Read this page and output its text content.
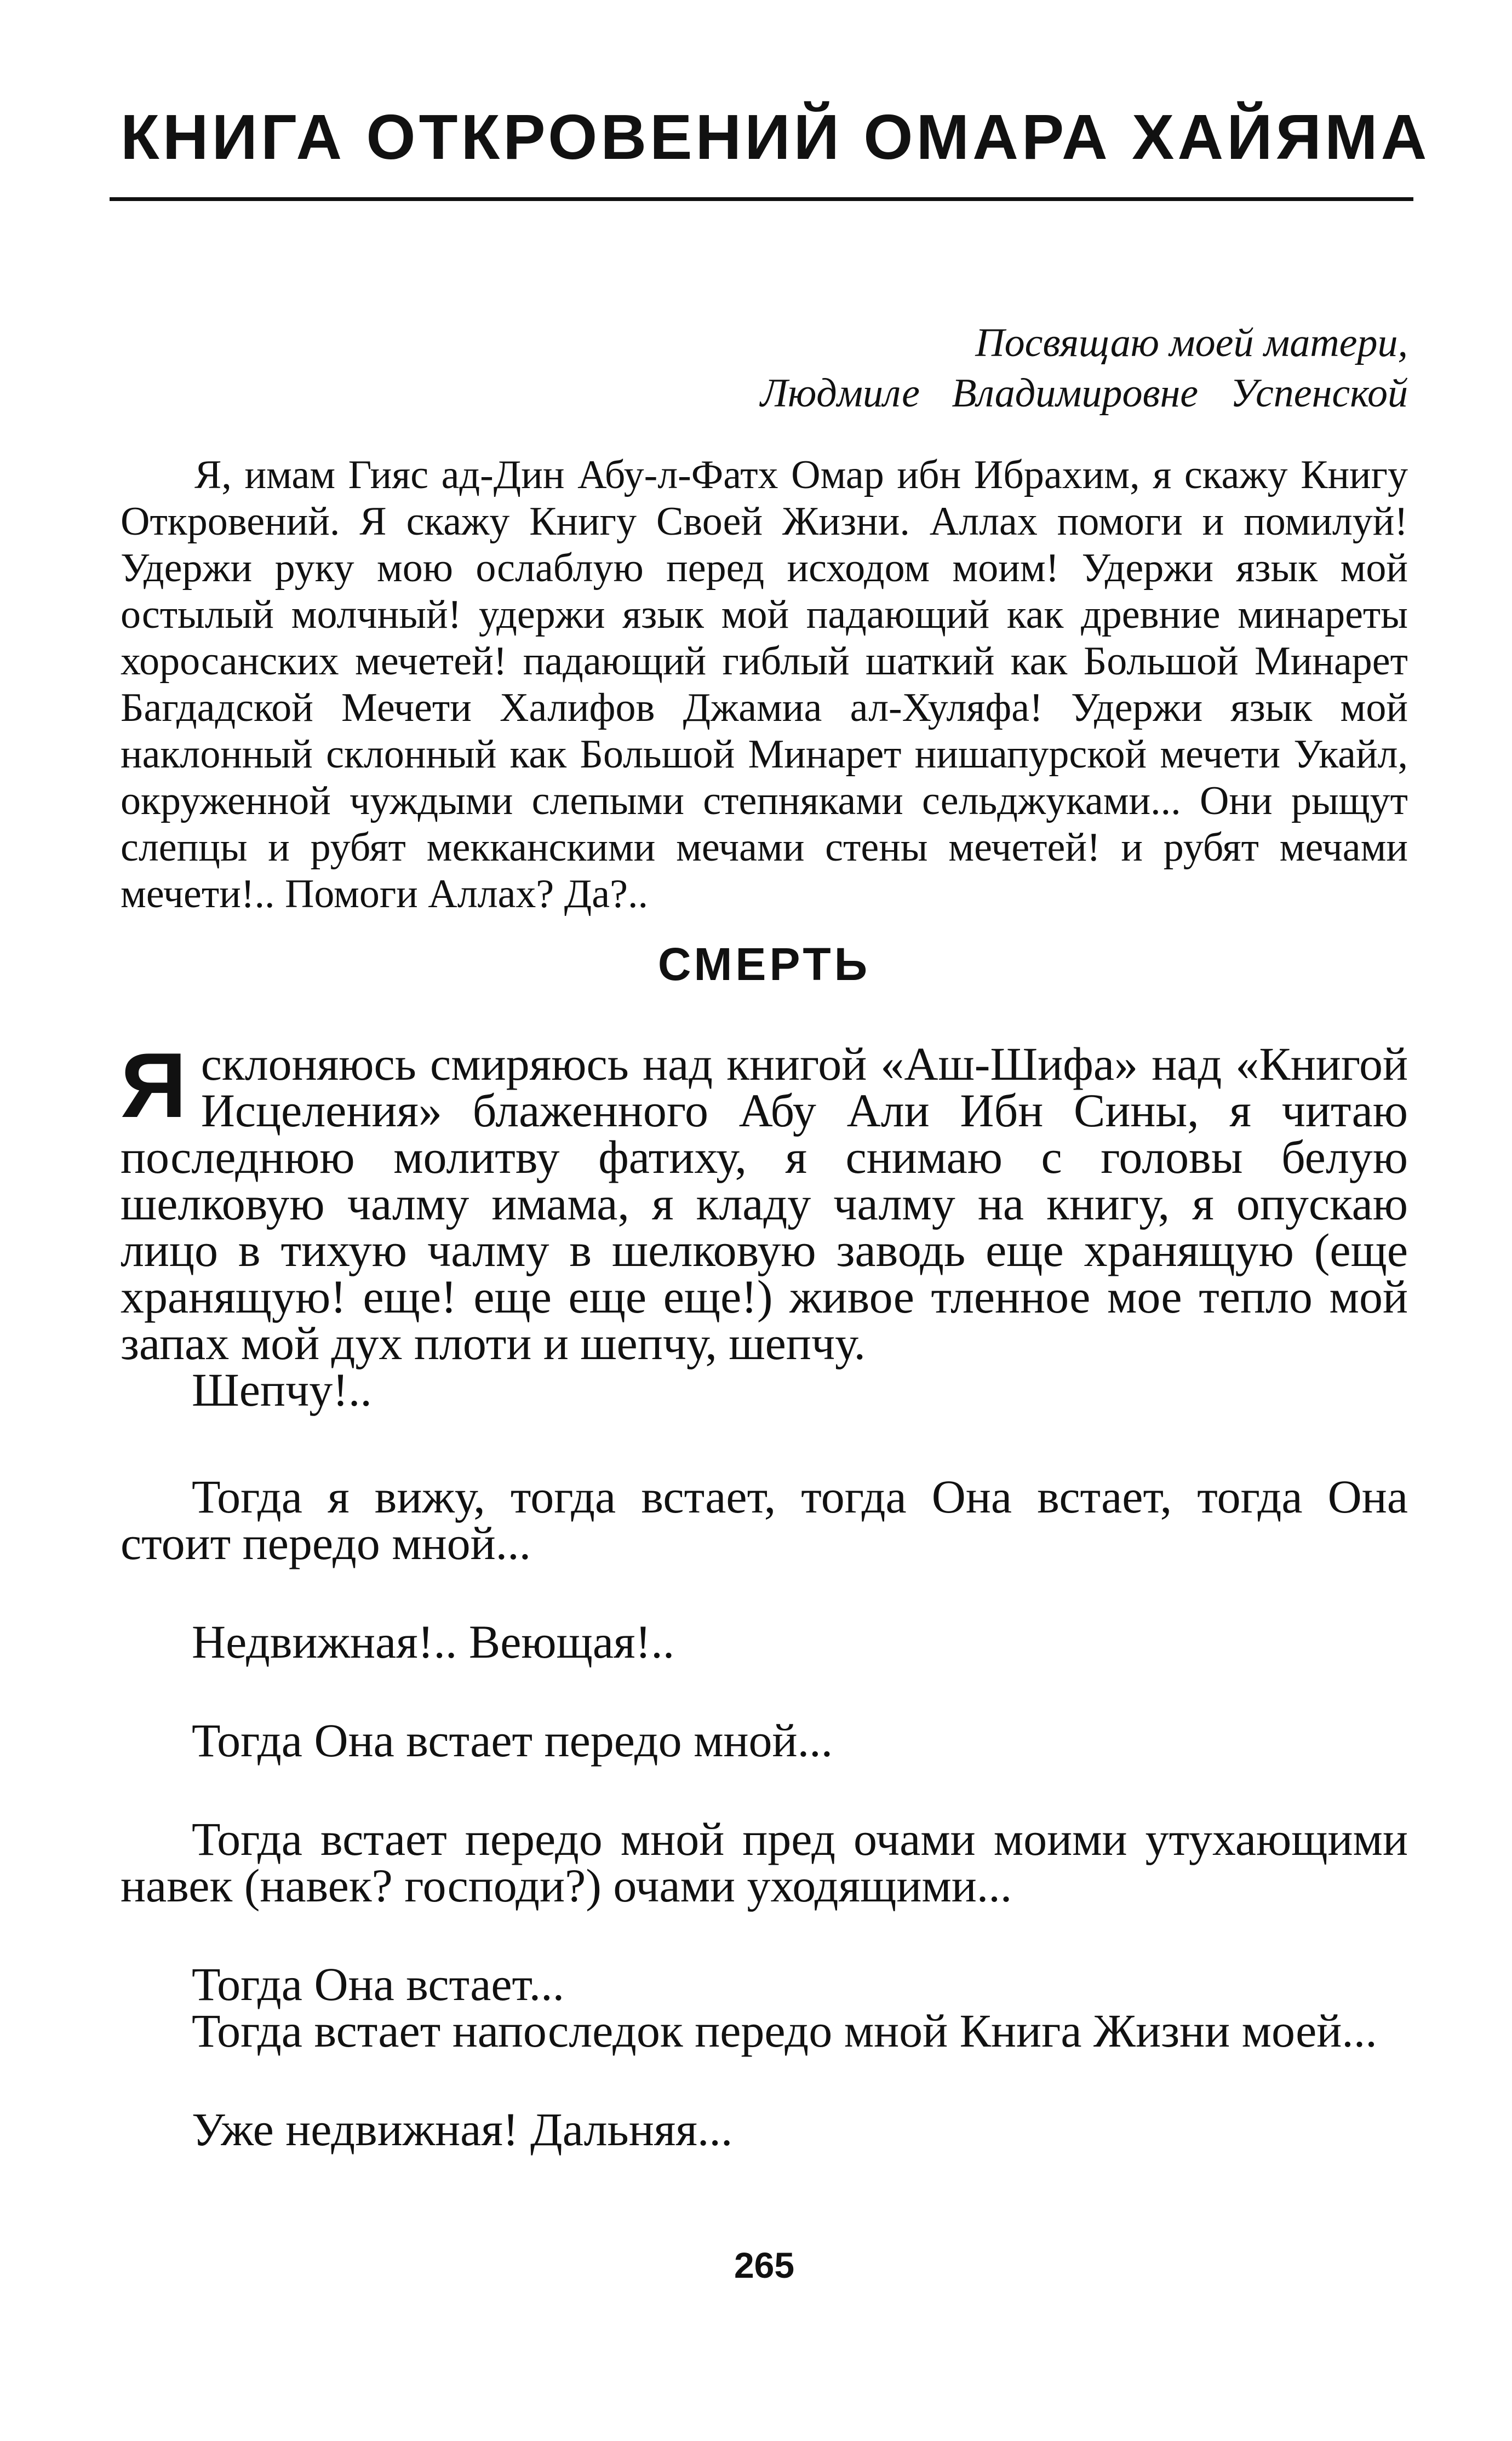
КНИГА ОТКРОВЕНИЙ ОМАРА ХАЙЯМА
Посвящаю моей матери,
Людмиле Владимировне Успенской

Я, имам Гияс ад-Дин Абу-л-Фатх Омар ибн Ибрахим, я скажу Книгу Откровений. Я скажу Книгу Своей Жизни. Аллах помоги и помилуй! Удержи руку мою ослаблую перед исходом моим! Удержи язык мой остылый молчный! удержи язык мой падающий как древние минареты хоросанских мечетей! падающий гиблый шаткий как Большой Минарет Багдадской Мечети Халифов Джамиа ал-Хуляфа! Удержи язык мой наклонный склонный как Большой Минарет нишапурской мечети Укайл, окруженной чуждыми слепыми степняками сельджуками... Они рыщут слепцы и рубят мекканскими мечами стены мечетей! и рубят мечами мечети!.. Помоги Аллах? Да?..

СМЕРТЬ

Ясклоняюсь смиряюсь над книгой «Аш-Шифа» над «Книгой Исцеления» блаженного Абу Али Ибн Сины, я читаю последнюю молитву фатиху, я снимаю с головы белую шелковую чалму имама, я кладу чалму на книгу, я опускаю лицо в тихую чалму в шелковую заводь еще хранящую (еще хранящую! еще! еще еще еще!) живое тленное мое тепло мой запах мой дух плоти и шепчу, шепчу.

Шепчу!..

Тогда я вижу, тогда встает, тогда Она встает, тогда Она стоит передо мной...

Недвижная!.. Веющая!..

Тогда Она встает передо мной...

Тогда встает передо мной пред очами моими утухающими навек (навек? господи?) очами уходящими...

Тогда Она встает...

Тогда встает напоследок передо мной Книга Жизни моей...

Уже недвижная! Дальняя...

265
